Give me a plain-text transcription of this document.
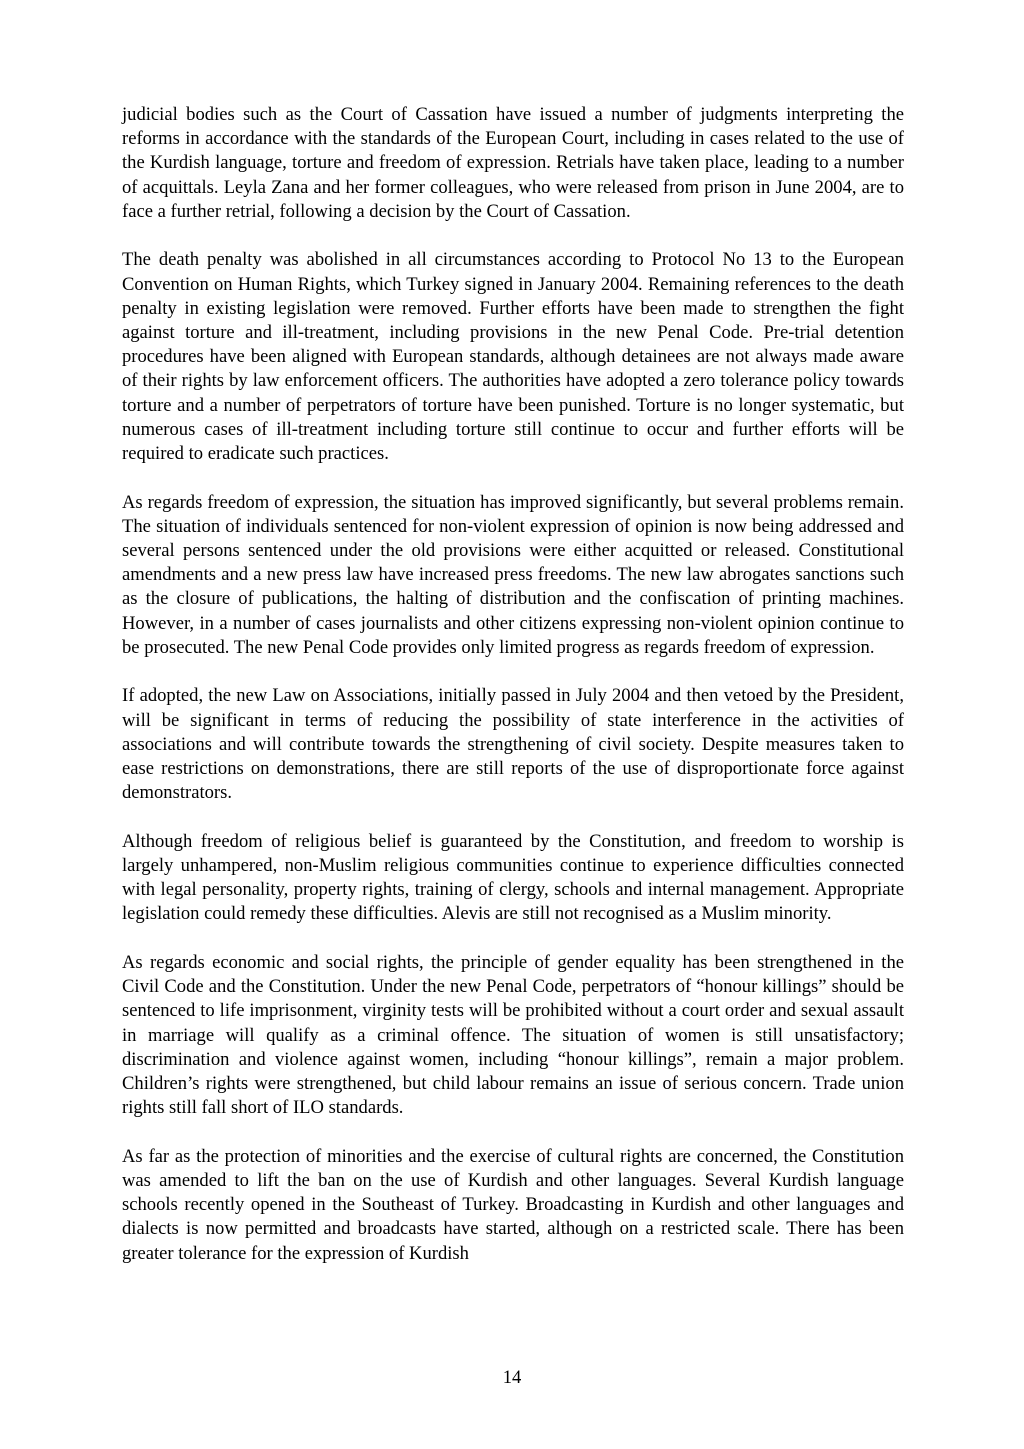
judicial bodies such as the Court of Cassation have issued a number of judgments interpreting the reforms in accordance with the standards of the European Court, including in cases related to the use of the Kurdish language, torture and freedom of expression. Retrials have taken place, leading to a number of acquittals. Leyla Zana and her former colleagues, who were released from prison in June 2004, are to face a further retrial, following a decision by the Court of Cassation.

The death penalty was abolished in all circumstances according to Protocol No 13 to the European Convention on Human Rights, which Turkey signed in January 2004. Remaining references to the death penalty in existing legislation were removed. Further efforts have been made to strengthen the fight against torture and ill-treatment, including provisions in the new Penal Code. Pre-trial detention procedures have been aligned with European standards, although detainees are not always made aware of their rights by law enforcement officers. The authorities have adopted a zero tolerance policy towards torture and a number of perpetrators of torture have been punished. Torture is no longer systematic, but numerous cases of ill-treatment including torture still continue to occur and further efforts will be required to eradicate such practices.

As regards freedom of expression, the situation has improved significantly, but several problems remain. The situation of individuals sentenced for non-violent expression of opinion is now being addressed and several persons sentenced under the old provisions were either acquitted or released. Constitutional amendments and a new press law have increased press freedoms. The new law abrogates sanctions such as the closure of publications, the halting of distribution and the confiscation of printing machines. However, in a number of cases journalists and other citizens expressing non-violent opinion continue to be prosecuted. The new Penal Code provides only limited progress as regards freedom of expression.

If adopted, the new Law on Associations, initially passed in July 2004 and then vetoed by the President, will be significant in terms of reducing the possibility of state interference in the activities of associations and will contribute towards the strengthening of civil society. Despite measures taken to ease restrictions on demonstrations, there are still reports of the use of disproportionate force against demonstrators.

Although freedom of religious belief is guaranteed by the Constitution, and freedom to worship is largely unhampered, non-Muslim religious communities continue to experience difficulties connected with legal personality, property rights, training of clergy, schools and internal management. Appropriate legislation could remedy these difficulties. Alevis are still not recognised as a Muslim minority.

As regards economic and social rights, the principle of gender equality has been strengthened in the Civil Code and the Constitution. Under the new Penal Code, perpetrators of “honour killings” should be sentenced to life imprisonment, virginity tests will be prohibited without a court order and sexual assault in marriage will qualify as a criminal offence. The situation of women is still unsatisfactory; discrimination and violence against women, including “honour killings”, remain a major problem. Children’s rights were strengthened, but child labour remains an issue of serious concern. Trade union rights still fall short of ILO standards.

As far as the protection of minorities and the exercise of cultural rights are concerned, the Constitution was amended to lift the ban on the use of Kurdish and other languages. Several Kurdish language schools recently opened in the Southeast of Turkey. Broadcasting in Kurdish and other languages and dialects is now permitted and broadcasts have started, although on a restricted scale. There has been greater tolerance for the expression of Kurdish

14
